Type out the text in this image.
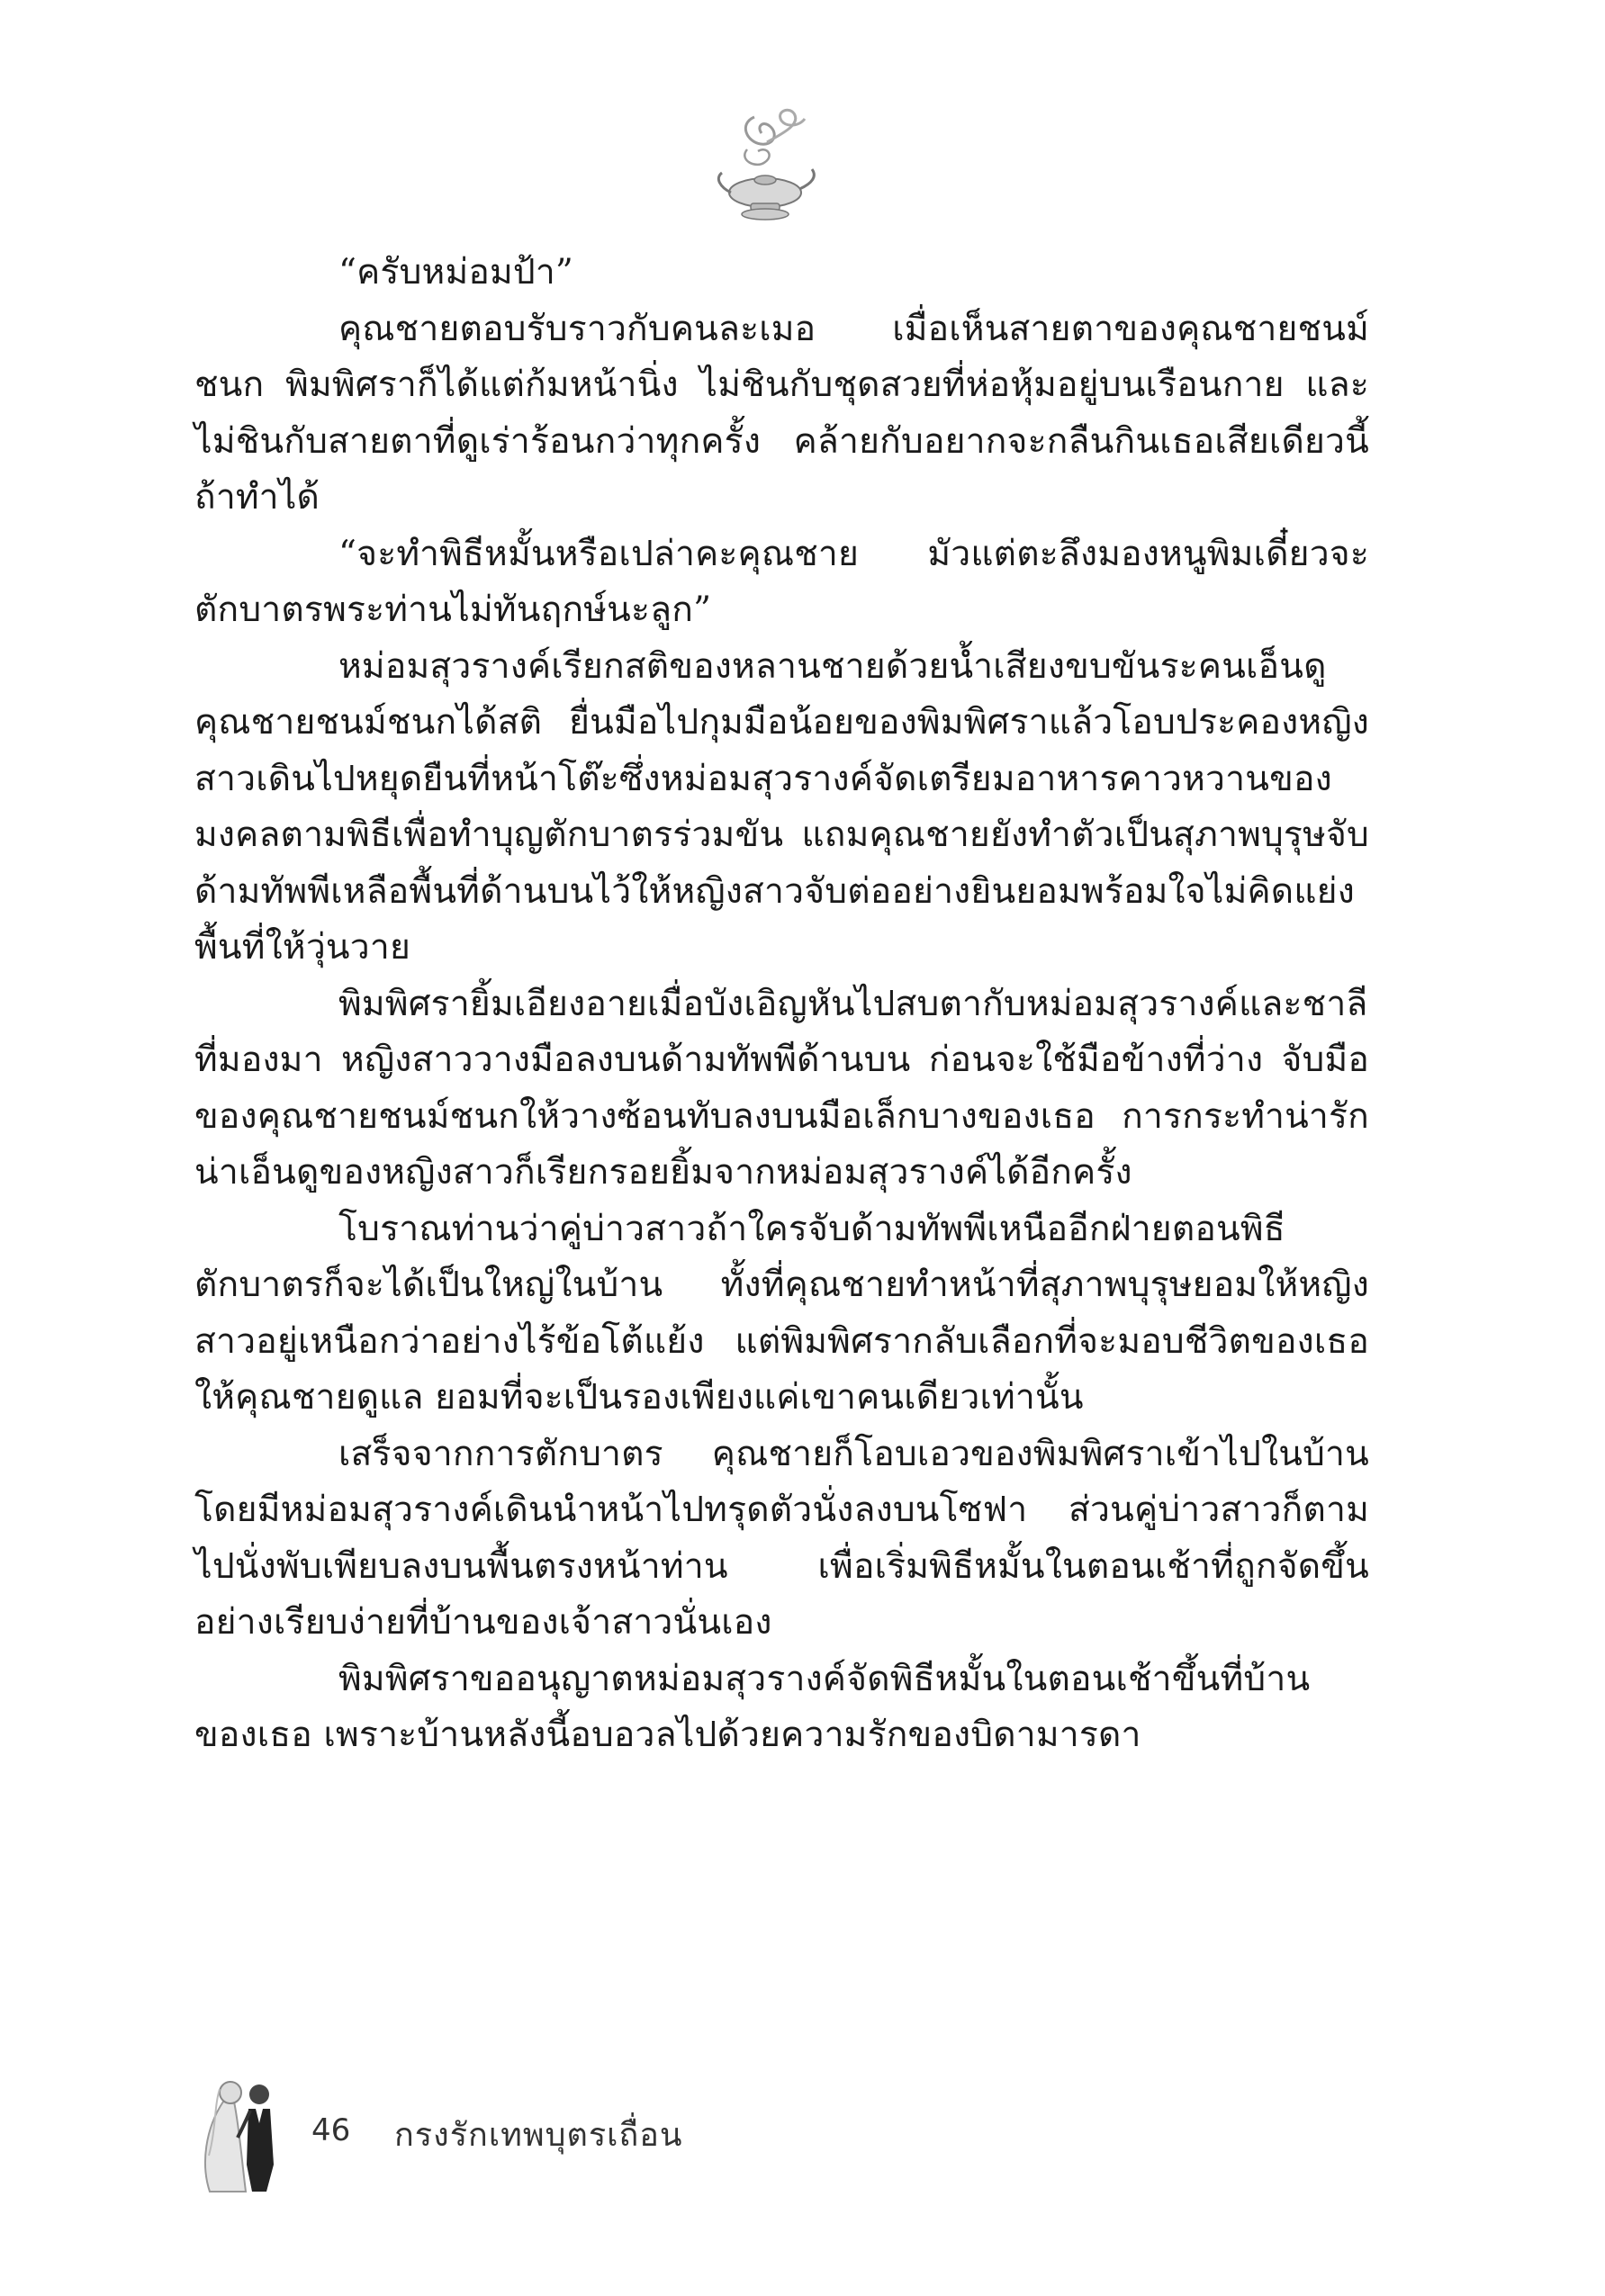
“ครับหม่อมป้า”

คุณชายตอบรับราวกับคนละเมอ เมื่อเห็นสายตาของคุณชายชนม์ชนก พิมพิศราก็ได้แต่ก้มหน้านิ่ง ไม่ชินกับชุดสวยที่ห่อหุ้มอยู่บนเรือนกาย และไม่ชินกับสายตาที่ดูเร่าร้อนกว่าทุกครั้ง คล้ายกับอยากจะกลืนกินเธอเสียเดียวนี้ถ้าทำได้

“จะทำพิธีหมั้นหรือเปล่าคะคุณชาย มัวแต่ตะลึงมองหนูพิมเดี๋ยวจะตักบาตรพระท่านไม่ทันฤกษ์นะลูก”

หม่อมสุวรางค์เรียกสติของหลานชายด้วยน้ำเสียงขบขันระคนเอ็นดู คุณชายชนม์ชนกได้สติ ยื่นมือไปกุมมือน้อยของพิมพิศราแล้วโอบประคองหญิงสาวเดินไปหยุดยืนที่หน้าโต๊ะซึ่งหม่อมสุวรางค์จัดเตรียมอาหารคาวหวานของมงคลตามพิธีเพื่อทำบุญตักบาตรร่วมขัน แถมคุณชายยังทำตัวเป็นสุภาพบุรุษจับด้ามทัพพีเหลือพื้นที่ด้านบนไว้ให้หญิงสาวจับต่ออย่างยินยอมพร้อมใจไม่คิดแย่งพื้นที่ให้วุ่นวาย

พิมพิศรายิ้มเอียงอายเมื่อบังเอิญหันไปสบตากับหม่อมสุวรางค์และชาลีที่มองมา หญิงสาววางมือลงบนด้ามทัพพีด้านบน ก่อนจะใช้มือข้างที่ว่าง จับมือของคุณชายชนม์ชนกให้วางซ้อนทับลงบนมือเล็กบางของเธอ การกระทำน่ารักน่าเอ็นดูของหญิงสาวก็เรียกรอยยิ้มจากหม่อมสุวรางค์ได้อีกครั้ง

โบราณท่านว่าคู่บ่าวสาวถ้าใครจับด้ามทัพพีเหนืออีกฝ่ายตอนพิธีตักบาตรก็จะได้เป็นใหญ่ในบ้าน ทั้งที่คุณชายทำหน้าที่สุภาพบุรุษยอมให้หญิงสาวอยู่เหนือกว่าอย่างไร้ข้อโต้แย้ง แต่พิมพิศรากลับเลือกที่จะมอบชีวิตของเธอให้คุณชายดูแล ยอมที่จะเป็นรองเพียงแค่เขาคนเดียวเท่านั้น

เสร็จจากการตักบาตร คุณชายก็โอบเอวของพิมพิศราเข้าไปในบ้าน โดยมีหม่อมสุวรางค์เดินนำหน้าไปทรุดตัวนั่งลงบนโซฟา ส่วนคู่บ่าวสาวก็ตามไปนั่งพับเพียบลงบนพื้นตรงหน้าท่าน เพื่อเริ่มพิธีหมั้นในตอนเช้าที่ถูกจัดขึ้นอย่างเรียบง่ายที่บ้านของเจ้าสาวนั่นเอง

พิมพิศราขออนุญาตหม่อมสุวรางค์จัดพิธีหมั้นในตอนเช้าขึ้นที่บ้านของเธอ เพราะบ้านหลังนี้อบอวลไปด้วยความรักของบิดามารดา

46 กรงรักเทพบุตรเถื่อน
